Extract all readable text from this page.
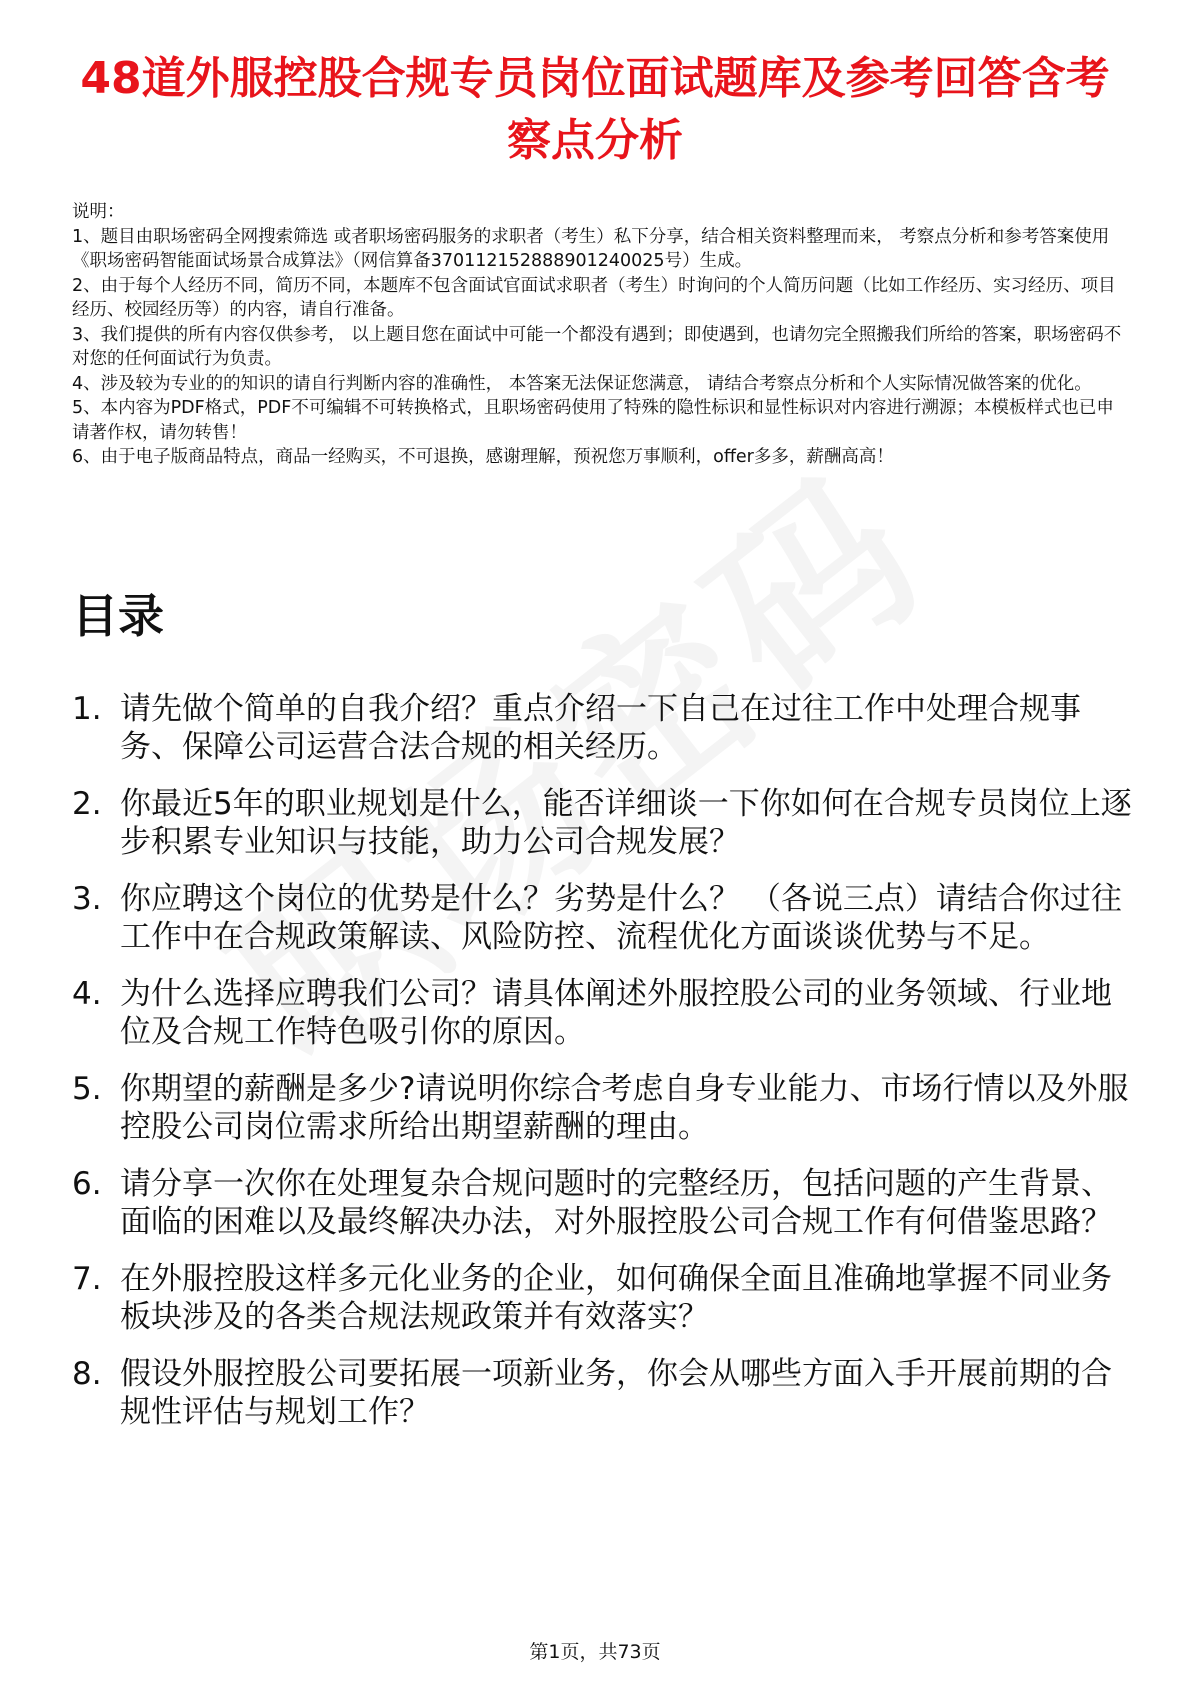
48道外服控股合规专员岗位面试题库及参考回答含考察点分析
说明：
1、题目由职场密码全网搜索筛选 或者职场密码服务的求职者（考生）私下分享，结合相关资料整理而来， 考察点分析和参考答案使用《职场密码智能面试场景合成算法》（网信算备370112152888901240025号）生成。
2、由于每个人经历不同，简历不同，本题库不包含面试官面试求职者（考生）时询问的个人简历问题（比如工作经历、实习经历、项目经历、校园经历等）的内容，请自行准备。
3、我们提供的所有内容仅供参考， 以上题目您在面试中可能一个都没有遇到；即使遇到，也请勿完全照搬我们所给的答案，职场密码不对您的任何面试行为负责。
4、涉及较为专业的的知识的请自行判断内容的准确性， 本答案无法保证您满意， 请结合考察点分析和个人实际情况做答案的优化。
5、本内容为PDF格式，PDF不可编辑不可转换格式，且职场密码使用了特殊的隐性标识和显性标识对内容进行溯源；本模板样式也已申请著作权，请勿转售！
6、由于电子版商品特点，商品一经购买，不可退换，感谢理解，预祝您万事顺利，offer多多，薪酬高高！
目录
1. 请先做个简单的自我介绍？重点介绍一下自己在过往工作中处理合规事务、保障公司运营合法合规的相关经历。
2. 你最近5年的职业规划是什么，能否详细谈一下你如何在合规专员岗位上逐步积累专业知识与技能，助力公司合规发展？
3. 你应聘这个岗位的优势是什么？劣势是什么？ （各说三点）请结合你过往工作中在合规政策解读、风险防控、流程优化方面谈谈优势与不足。
4. 为什么选择应聘我们公司？请具体阐述外服控股公司的业务领域、行业地位及合规工作特色吸引你的原因。
5. 你期望的薪酬是多少?请说明你综合考虑自身专业能力、市场行情以及外服控股公司岗位需求所给出期望薪酬的理由。
6. 请分享一次你在处理复杂合规问题时的完整经历，包括问题的产生背景、面临的困难以及最终解决办法，对外服控股公司合规工作有何借鉴思路？
7. 在外服控股这样多元化业务的企业，如何确保全面且准确地掌握不同业务板块涉及的各类合规法规政策并有效落实？
8. 假设外服控股公司要拓展一项新业务，你会从哪些方面入手开展前期的合规性评估与规划工作？
第1页，共73页
